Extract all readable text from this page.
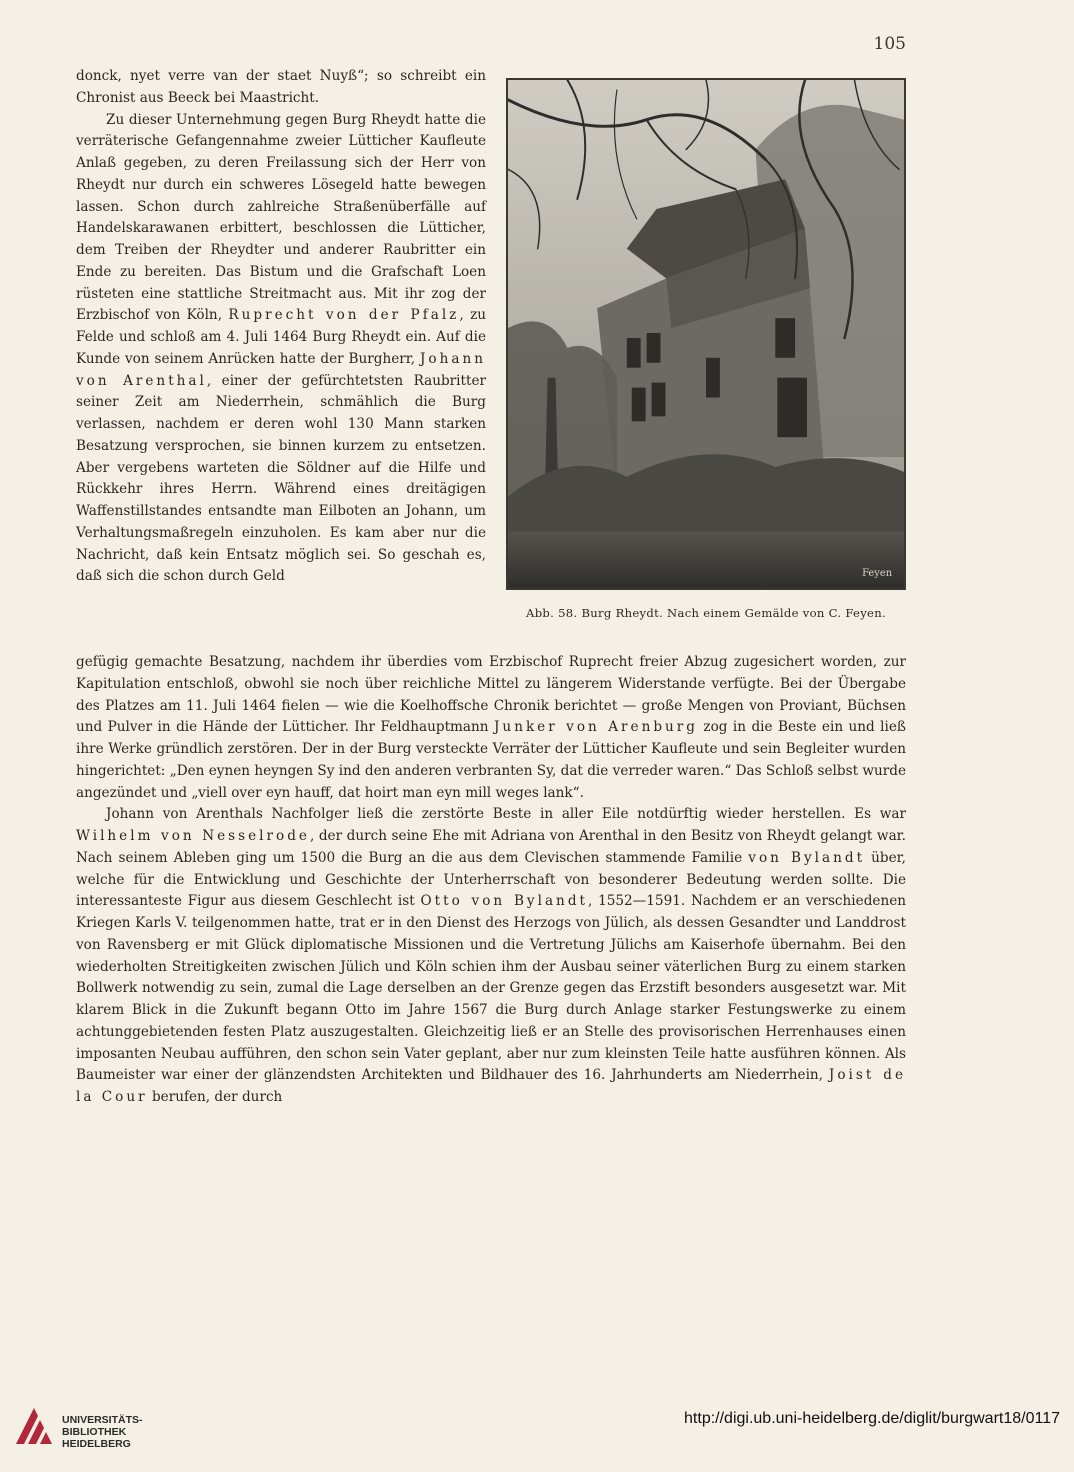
105

donck, nyet verre van der staet Nuyß“; so schreibt ein Chronist aus Beeck bei Maastricht.

Zu dieser Unternehmung gegen Burg Rheydt hatte die verräterische Gefangennahme zweier Lütticher Kaufleute Anlaß gegeben, zu deren Freilassung sich der Herr von Rheydt nur durch ein schweres Lösegeld hatte bewegen lassen. Schon durch zahlreiche Straßenüberfälle auf Handelskarawanen erbittert, beschlossen die Lütticher, dem Treiben der Rheydter und anderer Raubritter ein Ende zu bereiten. Das Bistum und die Grafschaft Loen rüsteten eine stattliche Streitmacht aus. Mit ihr zog der Erzbischof von Köln, Ruprecht von der Pfalz, zu Felde und schloß am 4. Juli 1464 Burg Rheydt ein. Auf die Kunde von seinem Anrücken hatte der Burgherr, Johann von Arenthal, einer der gefürchtetsten Raubritter seiner Zeit am Niederrhein, schmählich die Burg verlassen, nachdem er deren wohl 130 Mann starken Besatzung versprochen, sie binnen kurzem zu entsetzen. Aber vergebens warteten die Söldner auf die Hilfe und Rückkehr ihres Herrn. Während eines dreitägigen Waffenstillstandes entsandte man Eilboten an Johann, um Verhaltungsmaßregeln einzuholen. Es kam aber nur die Nachricht, daß kein Entsatz möglich sei. So geschah es, daß sich die schon durch Geld	Feyen
Abb. 58. Burg Rheydt. Nach einem Gemälde von C. Feyen.

gefügig gemachte Besatzung, nachdem ihr überdies vom Erzbischof Ruprecht freier Abzug zugesichert worden, zur Kapitulation entschloß, obwohl sie noch über reichliche Mittel zu längerem Widerstande verfügte. Bei der Übergabe des Platzes am 11. Juli 1464 fielen — wie die Koelhoffsche Chronik berichtet — große Mengen von Proviant, Büchsen und Pulver in die Hände der Lütticher. Ihr Feldhauptmann Junker von Arenburg zog in die Beste ein und ließ ihre Werke gründlich zerstören. Der in der Burg versteckte Verräter der Lütticher Kaufleute und sein Begleiter wurden hingerichtet: „Den eynen heyngen Sy ind den anderen verbranten Sy, dat die verreder waren.“ Das Schloß selbst wurde angezündet und „viell over eyn hauff, dat hoirt man eyn mill weges lank“.

Johann von Arenthals Nachfolger ließ die zerstörte Beste in aller Eile notdürftig wieder herstellen. Es war Wilhelm von Nesselrode, der durch seine Ehe mit Adriana von Arenthal in den Besitz von Rheydt gelangt war. Nach seinem Ableben ging um 1500 die Burg an die aus dem Clevischen stammende Familie von Bylandt über, welche für die Entwicklung und Geschichte der Unterherrschaft von besonderer Bedeutung werden sollte. Die interessanteste Figur aus diesem Geschlecht ist Otto von Bylandt, 1552—1591. Nachdem er an verschiedenen Kriegen Karls V. teilgenommen hatte, trat er in den Dienst des Herzogs von Jülich, als dessen Gesandter und Landdrost von Ravensberg er mit Glück diplomatische Missionen und die Vertretung Jülichs am Kaiserhofe übernahm. Bei den wiederholten Streitigkeiten zwischen Jülich und Köln schien ihm der Ausbau seiner väterlichen Burg zu einem starken Bollwerk notwendig zu sein, zumal die Lage derselben an der Grenze gegen das Erzstift besonders ausgesetzt war. Mit klarem Blick in die Zukunft begann Otto im Jahre 1567 die Burg durch Anlage starker Festungswerke zu einem achtunggebietenden festen Platz auszugestalten. Gleichzeitig ließ er an Stelle des provisorischen Herrenhauses einen imposanten Neubau aufführen, den schon sein Vater geplant, aber nur zum kleinsten Teile hatte ausführen können. Als Baumeister war einer der glänzendsten Architekten und Bildhauer des 16. Jahrhunderts am Niederrhein, Joist de la Cour berufen, der durch

UNIVERSITÄTS-
BIBLIOTHEK
HEIDELBERG
http://digi.ub.uni-heidelberg.de/diglit/burgwart18/0117
